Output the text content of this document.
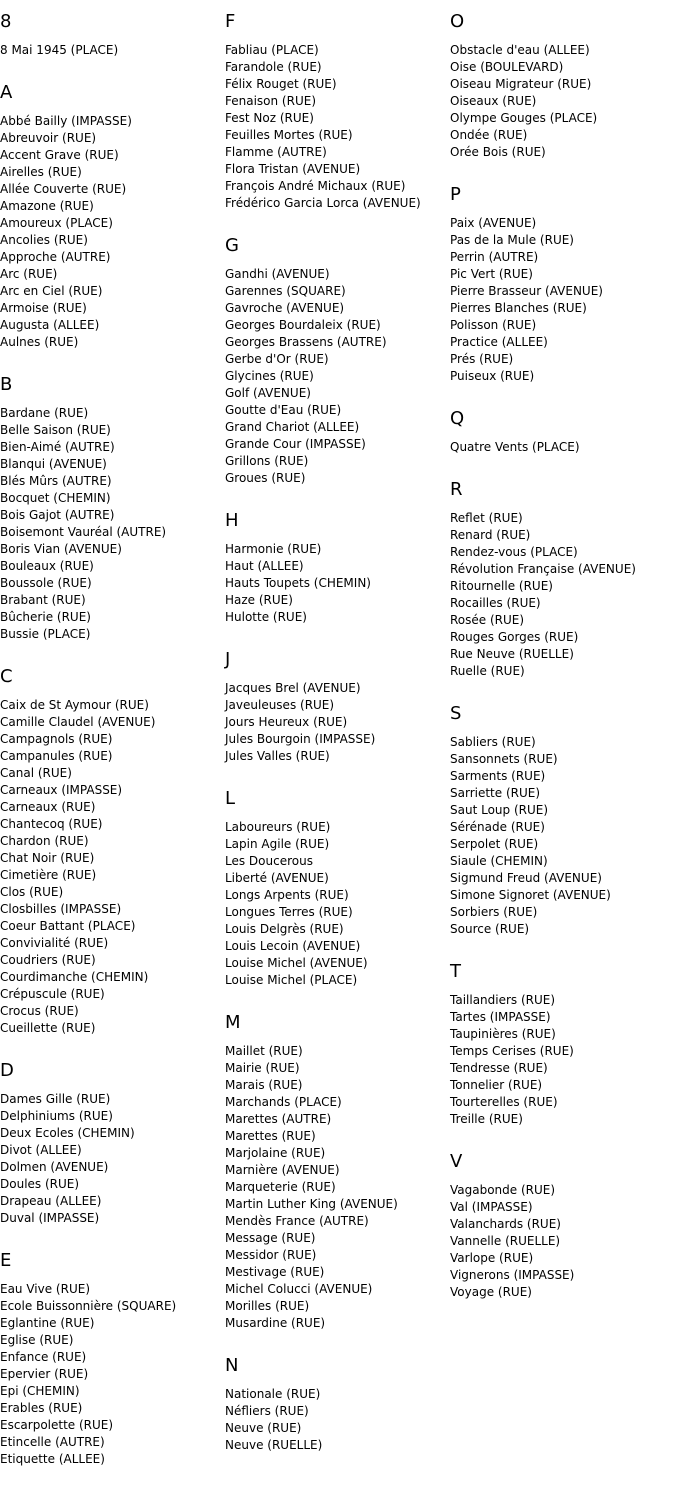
8
8 Mai 1945 (PLACE)
A
Abbé Bailly (IMPASSE)
Abreuvoir (RUE)
Accent Grave (RUE)
Airelles (RUE)
Allée Couverte (RUE)
Amazone (RUE)
Amoureux (PLACE)
Ancolies (RUE)
Approche (AUTRE)
Arc (RUE)
Arc en Ciel (RUE)
Armoise (RUE)
Augusta (ALLEE)
Aulnes (RUE)
B
Bardane (RUE)
Belle Saison (RUE)
Bien-Aimé (AUTRE)
Blanqui (AVENUE)
Blés Mûrs (AUTRE)
Bocquet (CHEMIN)
Bois Gajot (AUTRE)
Boisemont Vauréal (AUTRE)
Boris Vian (AVENUE)
Bouleaux (RUE)
Boussole (RUE)
Brabant (RUE)
Bûcherie (RUE)
Bussie (PLACE)
C
Caix de St Aymour (RUE)
Camille Claudel (AVENUE)
Campagnols (RUE)
Campanules (RUE)
Canal (RUE)
Carneaux (IMPASSE)
Carneaux (RUE)
Chantecoq (RUE)
Chardon (RUE)
Chat Noir (RUE)
Cimetière (RUE)
Clos (RUE)
Closbilles (IMPASSE)
Coeur Battant (PLACE)
Convivialité (RUE)
Coudriers (RUE)
Courdimanche (CHEMIN)
Crépuscule (RUE)
Crocus (RUE)
Cueillette (RUE)
D
Dames Gille (RUE)
Delphiniums (RUE)
Deux Ecoles (CHEMIN)
Divot (ALLEE)
Dolmen (AVENUE)
Doules (RUE)
Drapeau (ALLEE)
Duval (IMPASSE)
E
Eau Vive (RUE)
Ecole Buissonnière (SQUARE)
Eglantine (RUE)
Eglise (RUE)
Enfance (RUE)
Epervier (RUE)
Epi (CHEMIN)
Erables (RUE)
Escarpolette (RUE)
Etincelle (AUTRE)
Etiquette (ALLEE)
F
Fabliau (PLACE)
Farandole (RUE)
Félix Rouget (RUE)
Fenaison (RUE)
Fest Noz (RUE)
Feuilles Mortes (RUE)
Flamme (AUTRE)
Flora Tristan (AVENUE)
François André Michaux (RUE)
Frédérico Garcia Lorca (AVENUE)
G
Gandhi (AVENUE)
Garennes (SQUARE)
Gavroche (AVENUE)
Georges Bourdaleix (RUE)
Georges Brassens (AUTRE)
Gerbe d'Or (RUE)
Glycines (RUE)
Golf (AVENUE)
Goutte d'Eau (RUE)
Grand Chariot (ALLEE)
Grande Cour (IMPASSE)
Grillons (RUE)
Groues (RUE)
H
Harmonie (RUE)
Haut (ALLEE)
Hauts Toupets (CHEMIN)
Haze (RUE)
Hulotte (RUE)
J
Jacques Brel (AVENUE)
Javeuleuses (RUE)
Jours Heureux (RUE)
Jules Bourgoin (IMPASSE)
Jules Valles (RUE)
L
Laboureurs (RUE)
Lapin Agile (RUE)
Les Doucerous
Liberté (AVENUE)
Longs Arpents (RUE)
Longues Terres (RUE)
Louis Delgrès (RUE)
Louis Lecoin (AVENUE)
Louise Michel (AVENUE)
Louise Michel (PLACE)
M
Maillet (RUE)
Mairie (RUE)
Marais (RUE)
Marchands (PLACE)
Marettes (AUTRE)
Marettes (RUE)
Marjolaine (RUE)
Marnière (AVENUE)
Marqueterie (RUE)
Martin Luther King (AVENUE)
Mendès France (AUTRE)
Message (RUE)
Messidor (RUE)
Mestivage (RUE)
Michel Colucci (AVENUE)
Morilles (RUE)
Musardine (RUE)
N
Nationale (RUE)
Néfliers (RUE)
Neuve (RUE)
Neuve (RUELLE)
O
Obstacle d'eau (ALLEE)
Oise (BOULEVARD)
Oiseau Migrateur (RUE)
Oiseaux (RUE)
Olympe Gouges (PLACE)
Ondée (RUE)
Orée Bois (RUE)
P
Paix (AVENUE)
Pas de la Mule (RUE)
Perrin (AUTRE)
Pic Vert (RUE)
Pierre Brasseur (AVENUE)
Pierres Blanches (RUE)
Polisson (RUE)
Practice (ALLEE)
Prés (RUE)
Puiseux (RUE)
Q
Quatre Vents (PLACE)
R
Reflet (RUE)
Renard (RUE)
Rendez-vous (PLACE)
Révolution Française (AVENUE)
Ritournelle (RUE)
Rocailles (RUE)
Rosée (RUE)
Rouges Gorges (RUE)
Rue Neuve (RUELLE)
Ruelle (RUE)
S
Sabliers (RUE)
Sansonnets (RUE)
Sarments (RUE)
Sarriette (RUE)
Saut Loup (RUE)
Sérénade (RUE)
Serpolet (RUE)
Siaule (CHEMIN)
Sigmund Freud (AVENUE)
Simone Signoret (AVENUE)
Sorbiers (RUE)
Source (RUE)
T
Taillandiers (RUE)
Tartes (IMPASSE)
Taupinières (RUE)
Temps Cerises (RUE)
Tendresse (RUE)
Tonnelier (RUE)
Tourterelles (RUE)
Treille (RUE)
V
Vagabonde (RUE)
Val (IMPASSE)
Valanchards (RUE)
Vannelle (RUELLE)
Varlope (RUE)
Vignerons (IMPASSE)
Voyage (RUE)
